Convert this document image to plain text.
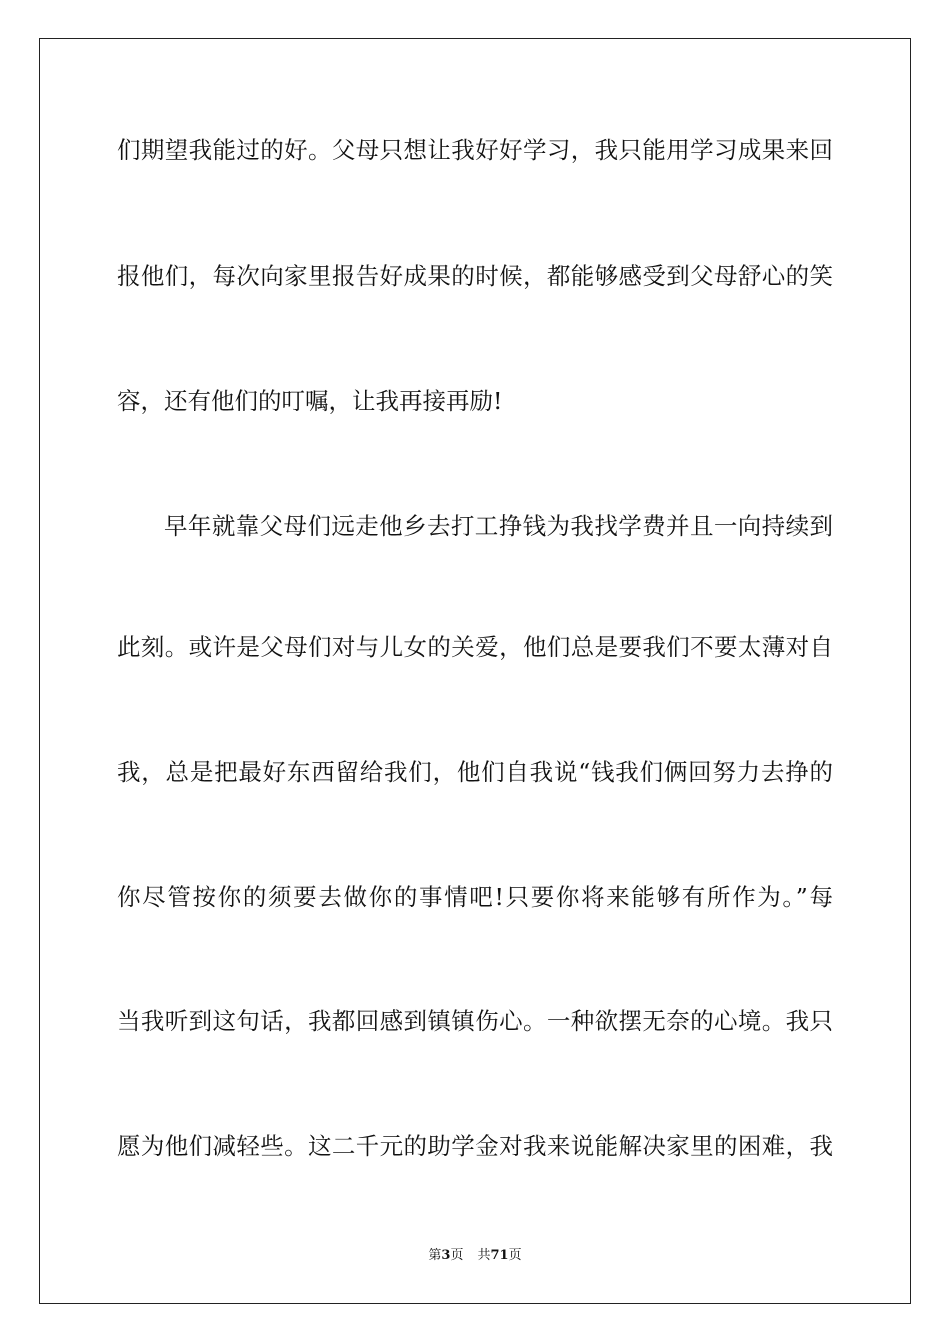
们期望我能过的好。父母只想让我好好学习，我只能用学习成果来回
报他们，每次向家里报告好成果的时候，都能够感受到父母舒心的笑
容，还有他们的叮嘱，让我再接再励!
早年就靠父母们远走他乡去打工挣钱为我找学费并且一向持续到
此刻。或许是父母们对与儿女的关爱，他们总是要我们不要太薄对自
我，总是把最好东西留给我们，他们自我说“钱我们俩回努力去挣的
你尽管按你的须要去做你的事情吧!只要你将来能够有所作为。”每
当我听到这句话，我都回感到镇镇伤心。一种欲摆无奈的心境。我只
愿为他们减轻些。这二千元的助学金对我来说能解决家里的困难，我
第3页 共71页
